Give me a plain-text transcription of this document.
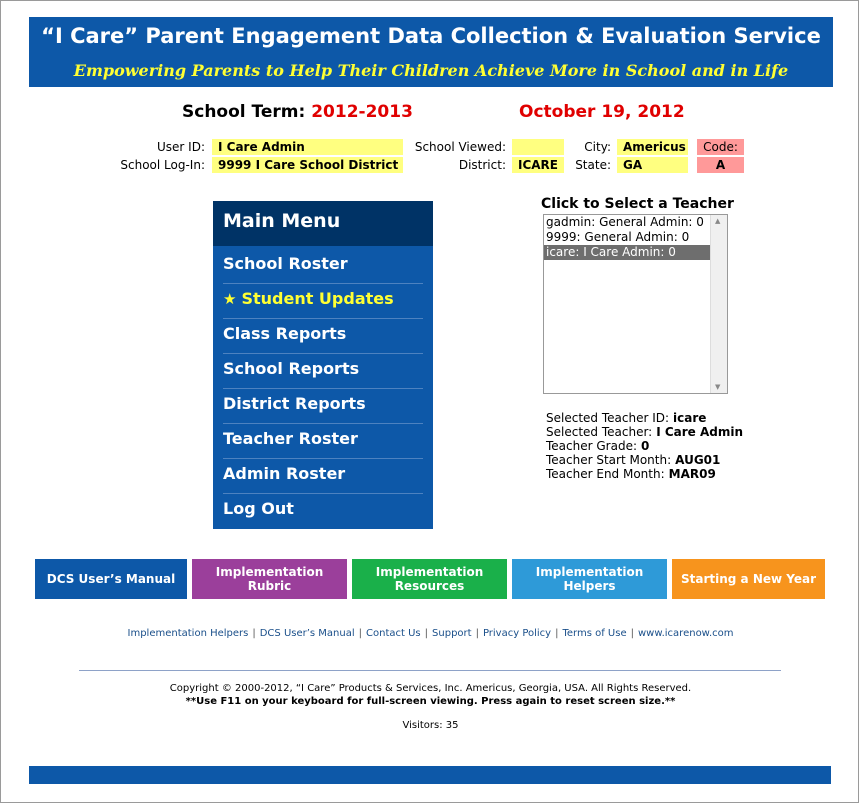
“I Care” Parent Engagement Data Collection & Evaluation Service
Empowering Parents to Help Their Children Achieve More in School and in Life
School Term: 2012-2013	October 19, 2012
User ID:	I Care Admin
School Log-In:	9999 I Care School District
School Viewed:
District:	ICARE
City:	Americus
State:	GA
Code:
A
Main Menu
School Roster
★ Student Updates
Class Reports
School Reports
District Reports
Teacher Roster
Admin Roster
Log Out
Click to Select a Teacher
gadmin: General Admin: 0
9999: General Admin: 0
icare: I Care Admin: 0
▲
▼
Selected Teacher ID: icare
Selected Teacher: I Care Admin
Teacher Grade: 0
Teacher Start Month: AUG01
Teacher End Month: MAR09
DCS User’s Manual	Implementation Rubric
Implementation Resources
Implementation Helpers	Starting a New Year
Implementation Helpers | DCS User’s Manual | Contact Us | Support | Privacy Policy | Terms of Use | www.icarenow.com
Copyright © 2000-2012, “I Care” Products & Services, Inc. Americus, Georgia, USA. All Rights Reserved.
**Use F11 on your keyboard for full-screen viewing. Press again to reset screen size.**
Visitors: 35
